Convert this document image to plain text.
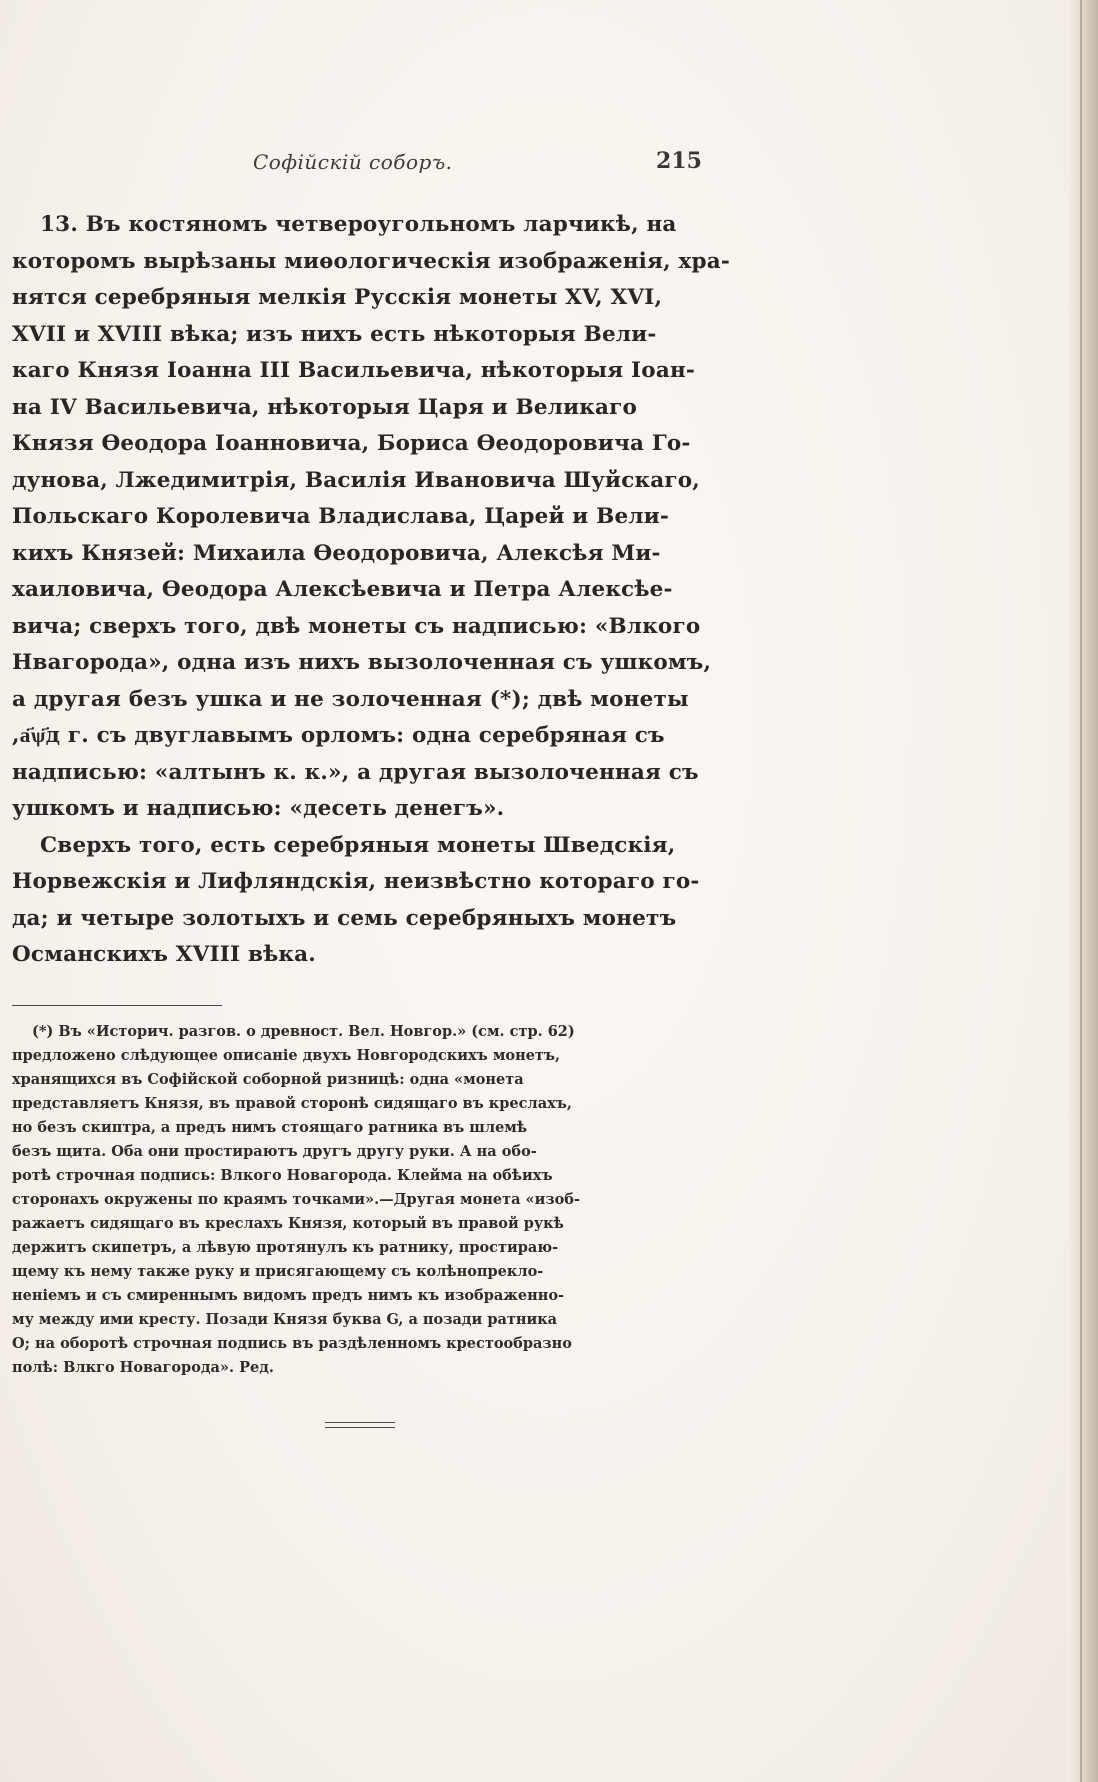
Софійскій соборъ.	215
13. Въ костяномъ четвероугольномъ ларчикѣ, на
которомъ вырѣзаны миѳологическія изображенія, хра-
нятся серебряныя мелкія Русскія монеты XV, XVI,
XVII и XVIII вѣка; изъ нихъ есть нѣкоторыя Вели-
каго Князя Іоанна III Васильевича, нѣкоторыя Іоан-
на IV Васильевича, нѣкоторыя Царя и Великаго
Князя Ѳеодора Іоанновича, Бориса Ѳеодоровича Го-
дунова, Лжедимитрія, Василія Ивановича Шуйскаго,
Польскаго Королевича Владислава, Царей и Вели-
кихъ Князей: Михаила Ѳеодоровича, Алексѣя Ми-
хаиловича, Ѳеодора Алексѣевича и Петра Алексѣе-
вича; сверхъ того, двѣ монеты съ надписью: «Влкого
Нвагорода», одна изъ нихъ вызолоченная съ ушкомъ,
а другая безъ ушка и не золоченная (*); двѣ монеты
,а҃ѱ҃д г. съ двуглавымъ орломъ: одна серебряная съ
надписью: «алтынъ к. к.», а другая вызолоченная съ
ушкомъ и надписью: «десеть денегъ».
Сверхъ того, есть серебряныя монеты Шведскія,
Норвежскія и Лифляндскія, неизвѣстно котораго го-
да; и четыре золотыхъ и семь серебряныхъ монетъ
Османскихъ XVIII вѣка.
(*) Въ «Историч. разгов. о древност. Вел. Новгор.» (см. стр. 62)
предложено слѣдующее описаніе двухъ Новгородскихъ монетъ,
хранящихся въ Софійской соборной ризницѣ: одна «монета
представляетъ Князя, въ правой сторонѣ сидящаго въ креслахъ,
но безъ скиптра, а предъ нимъ стоящаго ратника въ шлемѣ
безъ щита. Оба они простираютъ другъ другу руки. А на обо-
ротѣ строчная подпись: Влкого Новагорода. Клейма на обѣихъ
сторонахъ окружены по краямъ точками».—Другая монета «изоб-
ражаетъ сидящаго въ креслахъ Князя, который въ правой рукѣ
держитъ скипетръ, а лѣвую протянулъ къ ратнику, простираю-
щему къ нему также руку и присягающему съ колѣнопрекло-
неніемъ и съ смиреннымъ видомъ предъ нимъ къ изображенно-
му между ими кресту. Позади Князя буква G, а позади ратника
О; на оборотѣ строчная подпись въ раздѣленномъ крестообразно
полѣ: Влкго Новагорода». Ред.
